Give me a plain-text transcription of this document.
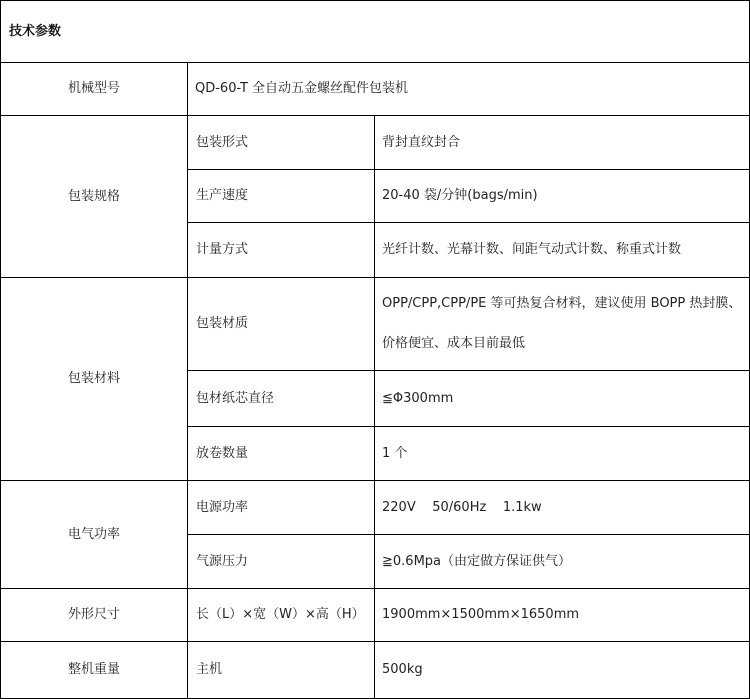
技术参数		
机械型号	QD-60-T 全自动五金螺丝配件包装机	
包装规格	包装形式	背封直纹封合
	生产速度	20-40 袋/分钟(bags/min)
	计量方式	光纤计数、光幕计数、间距气动式计数、称重式计数
包装材料	包装材质	OPP/CPP,CPP/PE 等可热复合材料，建议使用 BOPP 热封膜、价格便宜、成本目前最低
	包材纸芯直径	≦Φ300mm
	放卷数量	1 个
电气功率	电源功率	220V    50/60Hz    1.1kw
	气源压力	≧0.6Mpa（由定做方保证供气）
外形尺寸	长（L）×宽（W）×高（H）	1900mm×1500mm×1650mm
整机重量	主机	500kg
